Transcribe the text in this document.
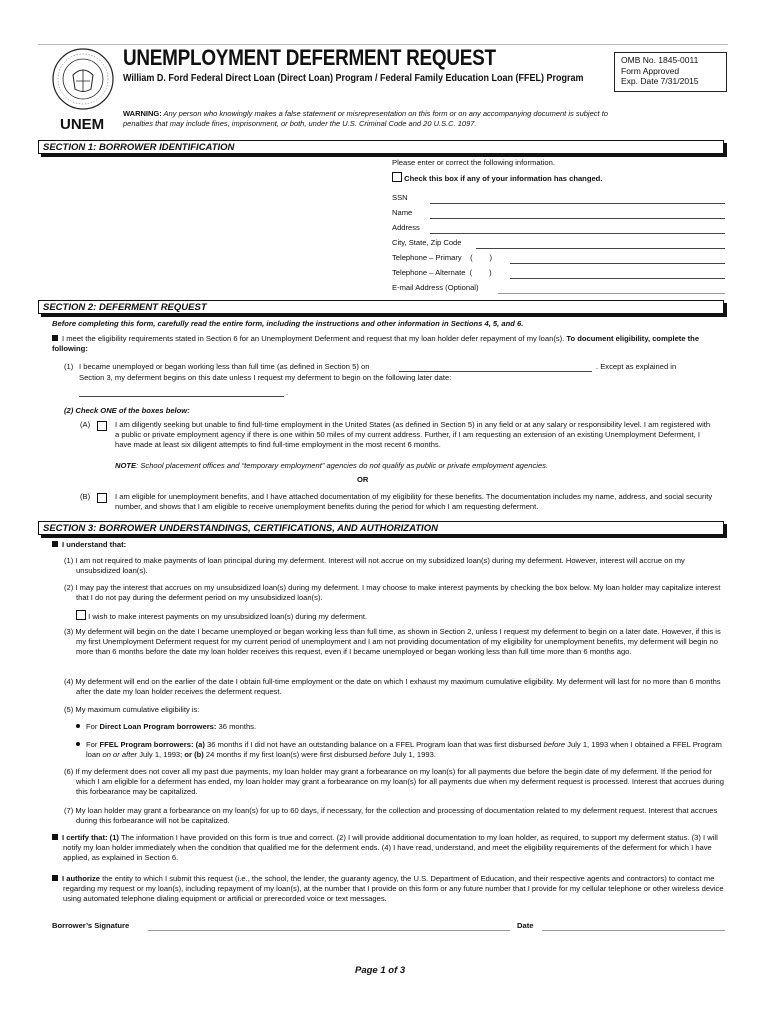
UNEMPLOYMENT DEFERMENT REQUEST
William D. Ford Federal Direct Loan (Direct Loan) Program / Federal Family Education Loan (FFEL) Program
OMB No. 1845-0011
Form Approved
Exp. Date 7/31/2015
WARNING: Any person who knowingly makes a false statement or misrepresentation on this form or on any accompanying document is subject to penalties that may include fines, imprisonment, or both, under the U.S. Criminal Code and 20 U.S.C. 1097.
UNEM
SECTION 1: BORROWER IDENTIFICATION
Please enter or correct the following information.
Check this box if any of your information has changed.
SSN
Name
Address
City, State, Zip Code
Telephone – Primary    (        )
Telephone – Alternate  (        )
E-mail Address (Optional)
SECTION 2: DEFERMENT REQUEST
Before completing this form, carefully read the entire form, including the instructions and other information in Sections 4, 5, and 6.
I meet the eligibility requirements stated in Section 6 for an Unemployment Deferment and request that my loan holder defer repayment of my loan(s). To document eligibility, complete the following:
(1) I became unemployed or began working less than full time (as defined in Section 5) on	. Except as explained in
Section 3, my deferment begins on this date unless I request my deferment to begin on the following later date:
.
(2) Check ONE of the boxes below:
(A)	I am diligently seeking but unable to find full-time employment in the United States (as defined in Section 5) in any field or at any salary or responsibility level. I am registered with a public or private employment agency if there is one within 50 miles of my current address. Further, if I am requesting an extension of an existing Unemployment Deferment, I have made at least six diligent attempts to find full-time employment in the most recent 6 months.
NOTE: School placement offices and “temporary employment” agencies do not qualify as public or private employment agencies.
OR
(B)	I am eligible for unemployment benefits, and I have attached documentation of my eligibility for these benefits. The documentation includes my name, address, and social security number, and shows that I am eligible to receive unemployment benefits during the period for which I am requesting deferment.
SECTION 3: BORROWER UNDERSTANDINGS, CERTIFICATIONS, AND AUTHORIZATION
I understand that:
(1) I am not required to make payments of loan principal during my deferment. Interest will not accrue on my subsidized loan(s) during my deferment. However, interest will accrue on my unsubsidized loan(s).
(2) I may pay the interest that accrues on my unsubsidized loan(s) during my deferment. I may choose to make interest payments by checking the box below. My loan holder may capitalize interest that I do not pay during the deferment period on my unsubsidized loan(s).
I wish to make interest payments on my unsubsidized loan(s) during my deferment.
(3) My deferment will begin on the date I became unemployed or began working less than full time, as shown in Section 2, unless I request my deferment to begin on a later date. However, if this is my first Unemployment Deferment request for my current period of unemployment and I am not providing documentation of my eligibility for unemployment benefits, my deferment will begin no more than 6 months before the date my loan holder receives this request, even if I became unemployed or began working less than full time more than 6 months ago.
(4) My deferment will end on the earlier of the date I obtain full-time employment or the date on which I exhaust my maximum cumulative eligibility. My deferment will last for no more than 6 months after the date my loan holder receives the deferment request.
(5) My maximum cumulative eligibility is:
For Direct Loan Program borrowers: 36 months.
For FFEL Program borrowers: (a) 36 months if I did not have an outstanding balance on a FFEL Program loan that was first disbursed before July 1, 1993 when I obtained a FFEL Program loan on or after July 1, 1993; or (b) 24 months if my first loan(s) were first disbursed before July 1, 1993.
(6) If my deferment does not cover all my past due payments, my loan holder may grant a forbearance on my loan(s) for all payments due before the begin date of my deferment. If the period for which I am eligible for a deferment has ended, my loan holder may grant a forbearance on my loan(s) for all payments due when my deferment request is processed. Interest that accrues during this forbearance may be capitalized.
(7) My loan holder may grant a forbearance on my loan(s) for up to 60 days, if necessary, for the collection and processing of documentation related to my deferment request. Interest that accrues during this forbearance will not be capitalized.
I certify that: (1) The information I have provided on this form is true and correct. (2) I will provide additional documentation to my loan holder, as required, to support my deferment status. (3) I will notify my loan holder immediately when the condition that qualified me for the deferment ends. (4) I have read, understand, and meet the eligibility requirements of the deferment for which I have applied, as explained in Section 6.
I authorize the entity to which I submit this request (i.e., the school, the lender, the guaranty agency, the U.S. Department of Education, and their respective agents and contractors) to contact me regarding my request or my loan(s), including repayment of my loan(s), at the number that I provide on this form or any future number that I provide for my cellular telephone or other wireless device using automated telephone dialing equipment or artificial or prerecorded voice or text messages.
Borrower’s Signature	Date
Page 1 of 3
